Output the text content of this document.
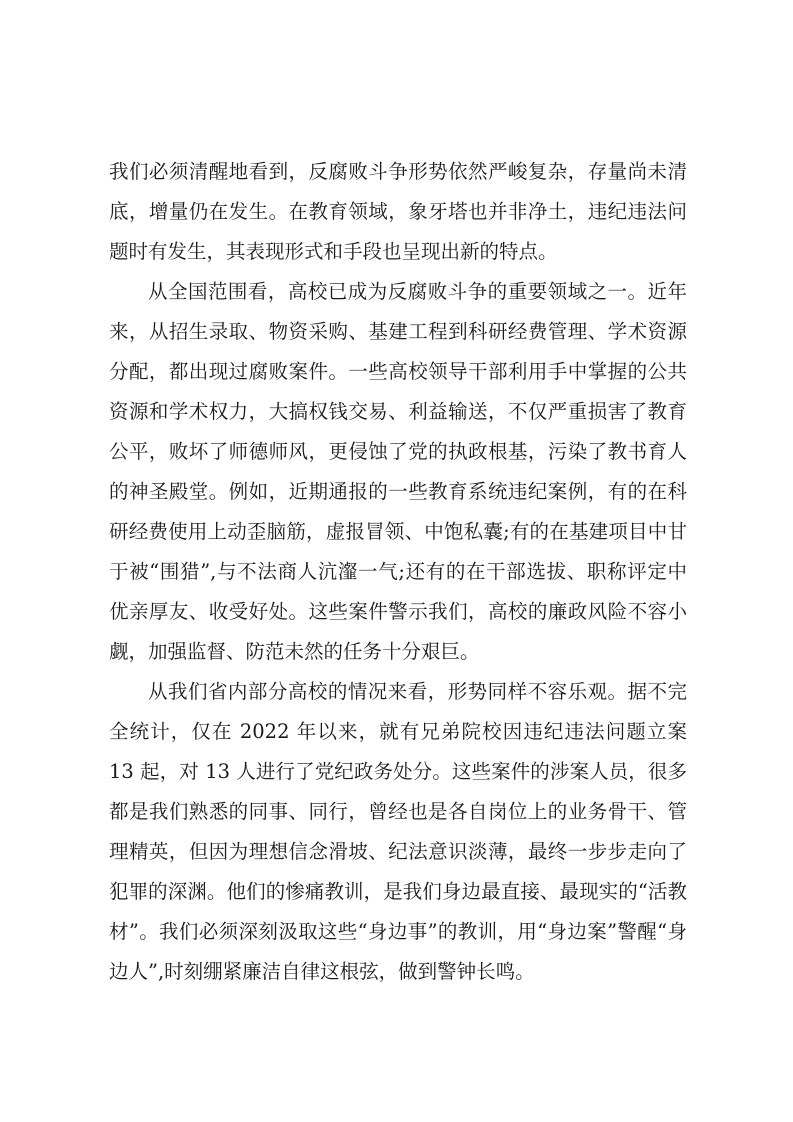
我们必须清醒地看到，反腐败斗争形势依然严峻复杂，存量尚未清底，增量仍在发生。在教育领域，象牙塔也并非净土，违纪违法问题时有发生，其表现形式和手段也呈现出新的特点。

从全国范围看，高校已成为反腐败斗争的重要领域之一。近年来，从招生录取、物资采购、基建工程到科研经费管理、学术资源分配，都出现过腐败案件。一些高校领导干部利用手中掌握的公共资源和学术权力，大搞权钱交易、利益输送，不仅严重损害了教育公平，败坏了师德师风，更侵蚀了党的执政根基，污染了教书育人的神圣殿堂。例如，近期通报的一些教育系统违纪案例，有的在科研经费使用上动歪脑筋，虚报冒领、中饱私囊;有的在基建项目中甘于被“围猎”,与不法商人沆瀣一气;还有的在干部选拔、职称评定中优亲厚友、收受好处。这些案件警示我们，高校的廉政风险不容小觑，加强监督、防范未然的任务十分艰巨。

从我们省内部分高校的情况来看，形势同样不容乐观。据不完全统计，仅在 2022 年以来，就有兄弟院校因违纪违法问题立案 13 起，对 13 人进行了党纪政务处分。这些案件的涉案人员，很多都是我们熟悉的同事、同行，曾经也是各自岗位上的业务骨干、管理精英，但因为理想信念滑坡、纪法意识淡薄，最终一步步走向了犯罪的深渊。他们的惨痛教训，是我们身边最直接、最现实的“活教材”。我们必须深刻汲取这些“身边事”的教训，用“身边案”警醒“身边人”,时刻绷紧廉洁自律这根弦，做到警钟长鸣。
